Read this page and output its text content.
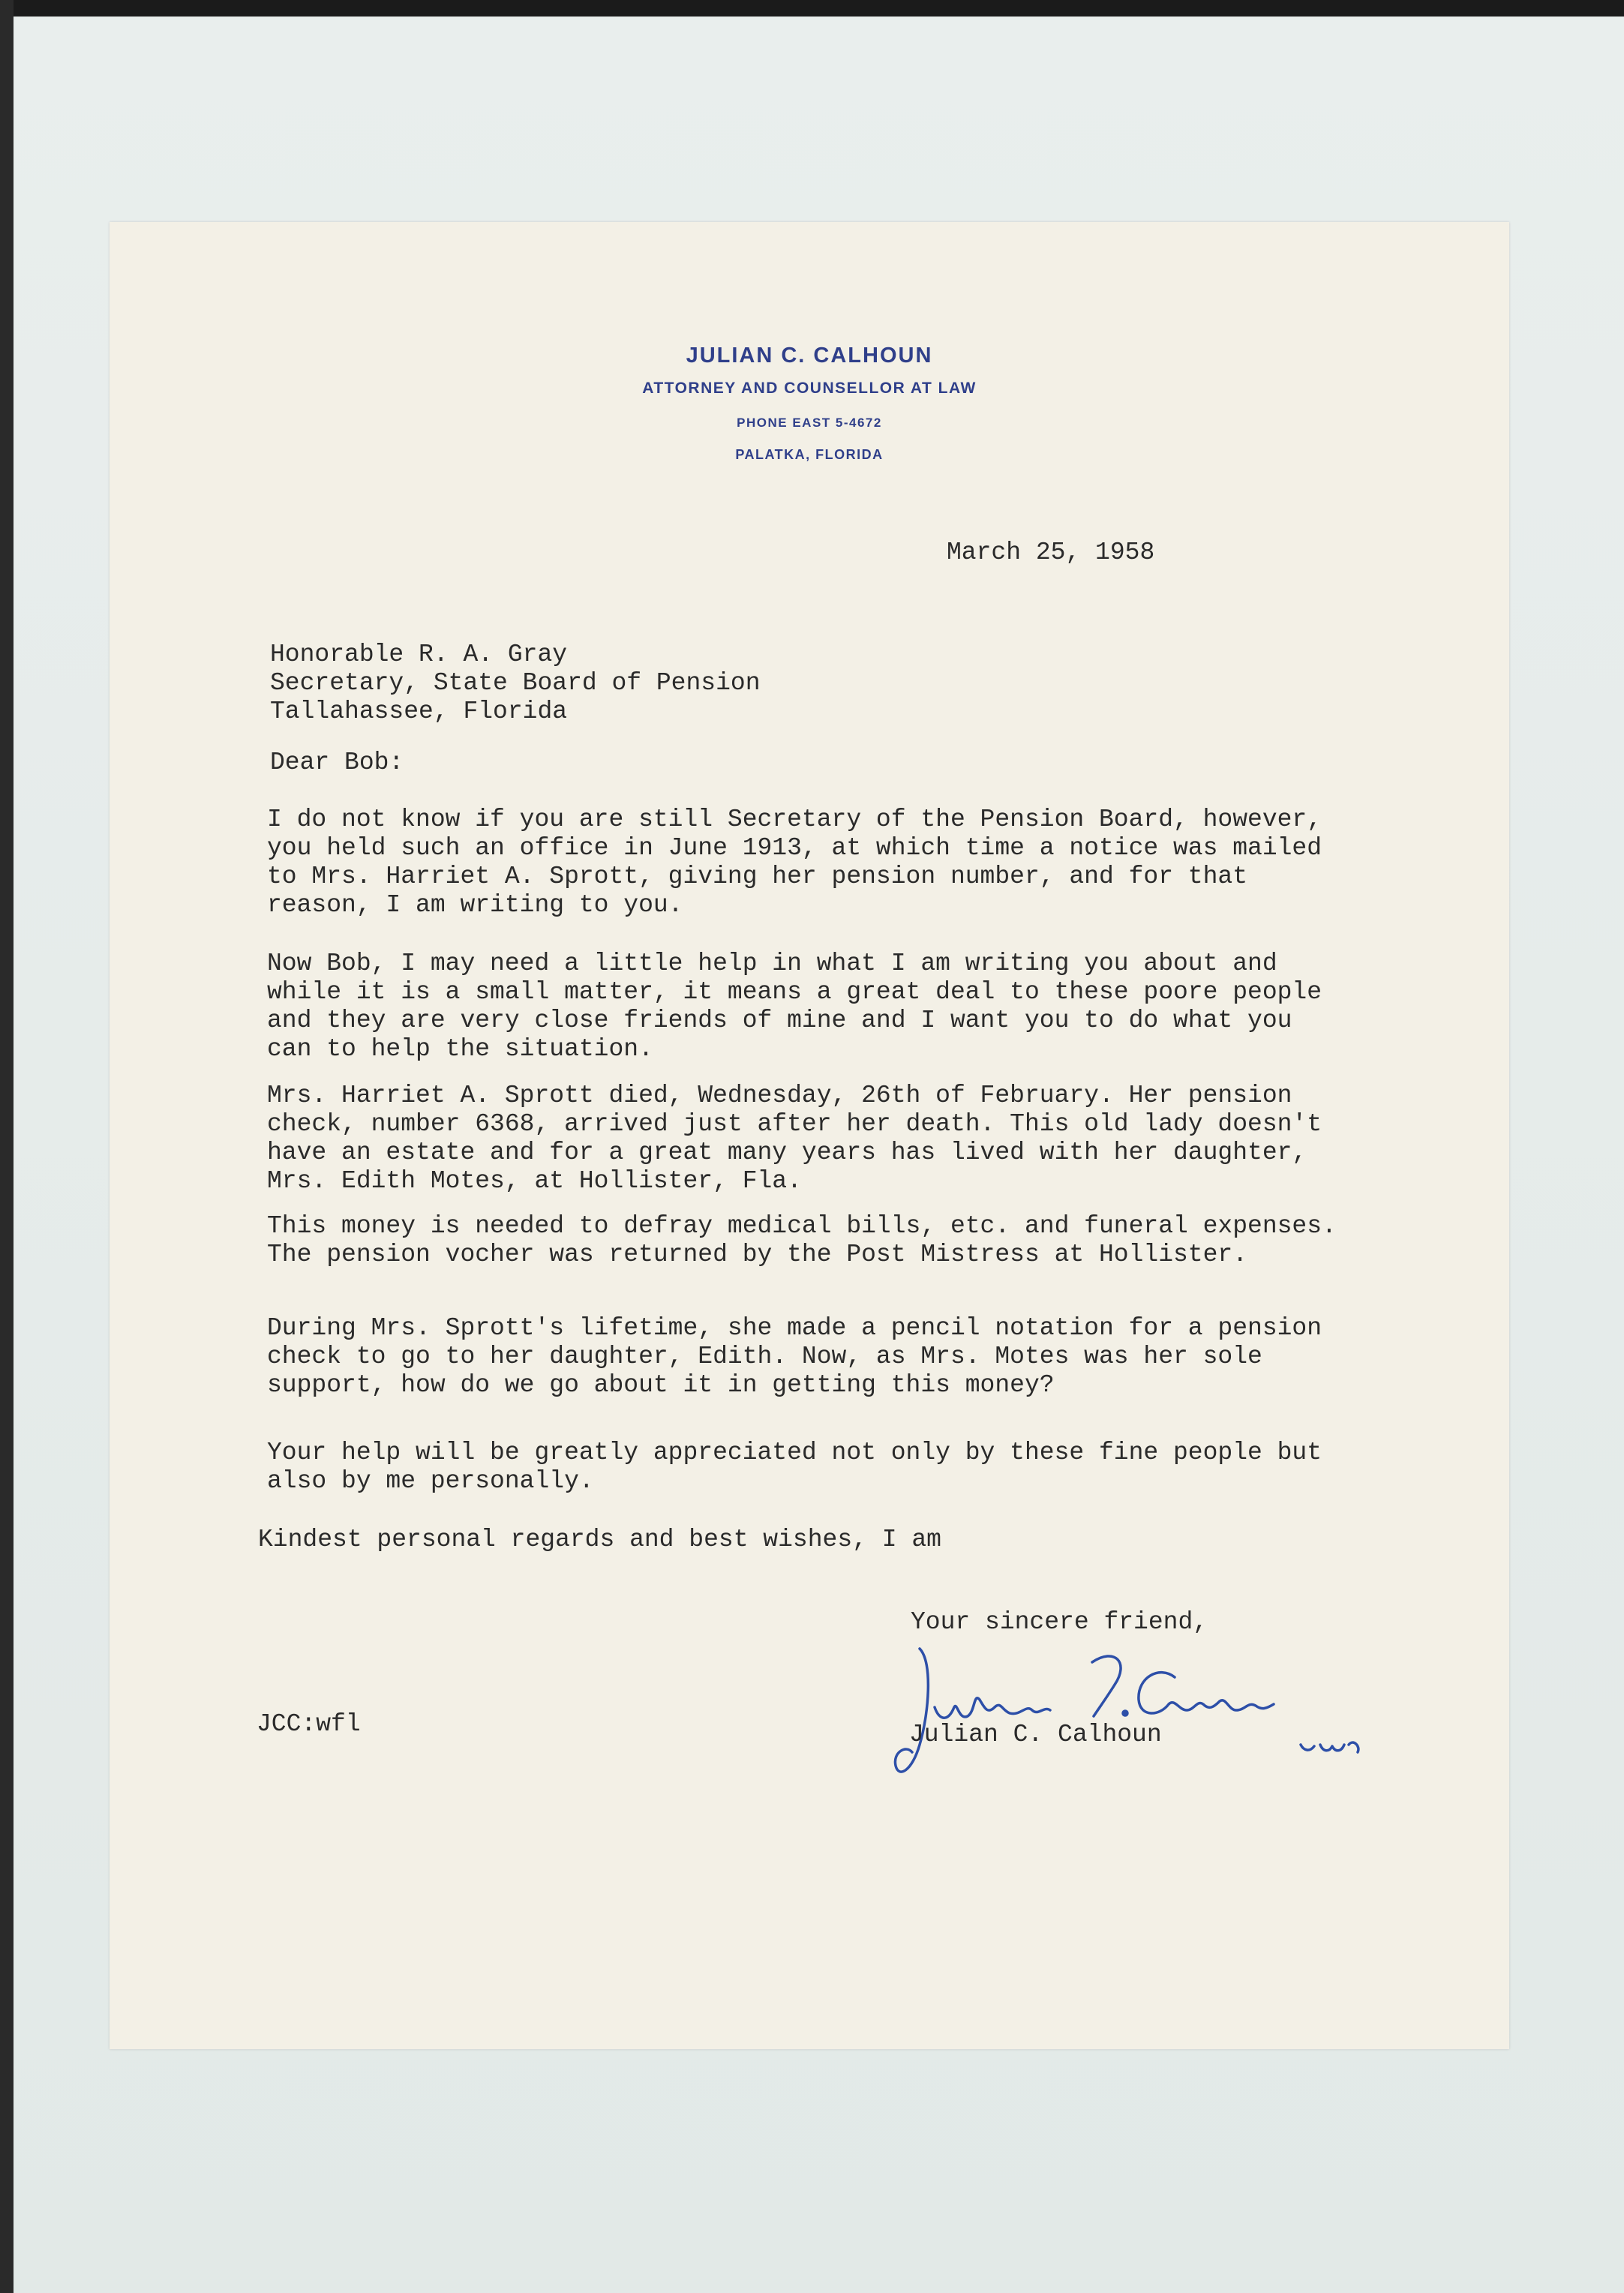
JULIAN C. CALHOUN
ATTORNEY AND COUNSELLOR AT LAW
PHONE EAST 5-4672
PALATKA, FLORIDA
March 25, 1958
Honorable R. A. Gray
Secretary, State Board of Pension
Tallahassee, Florida
Dear Bob:
I do not know if you are still Secretary of the Pension Board, however, you held such an office in June 1913, at which time a notice was mailed to Mrs. Harriet A. Sprott, giving her pension number, and for that reason, I am writing to you.
Now Bob, I may need a little help in what I am writing you about and while it is a small matter, it means a great deal to these poore people and they are very close friends of mine and I want you to do what you can to help the situation.
Mrs. Harriet A. Sprott died, Wednesday, 26th of February. Her pension check, number 6368, arrived just after her death. This old lady doesn't have an estate and for a great many years has lived with her daughter, Mrs. Edith Motes, at Hollister, Fla.
This money is needed to defray medical bills, etc. and funeral expenses. The pension vocher was returned by the Post Mistress at Hollister.
During Mrs. Sprott's lifetime, she made a pencil notation for a pension check to go to her daughter, Edith. Now, as Mrs. Motes was her sole support, how do we go about it in getting this money?
Your help will be greatly appreciated not only by these fine people but also by me personally.
Kindest personal regards and best wishes, I am
Your sincere friend,
Julian C. Calhoun
JCC:wfl
